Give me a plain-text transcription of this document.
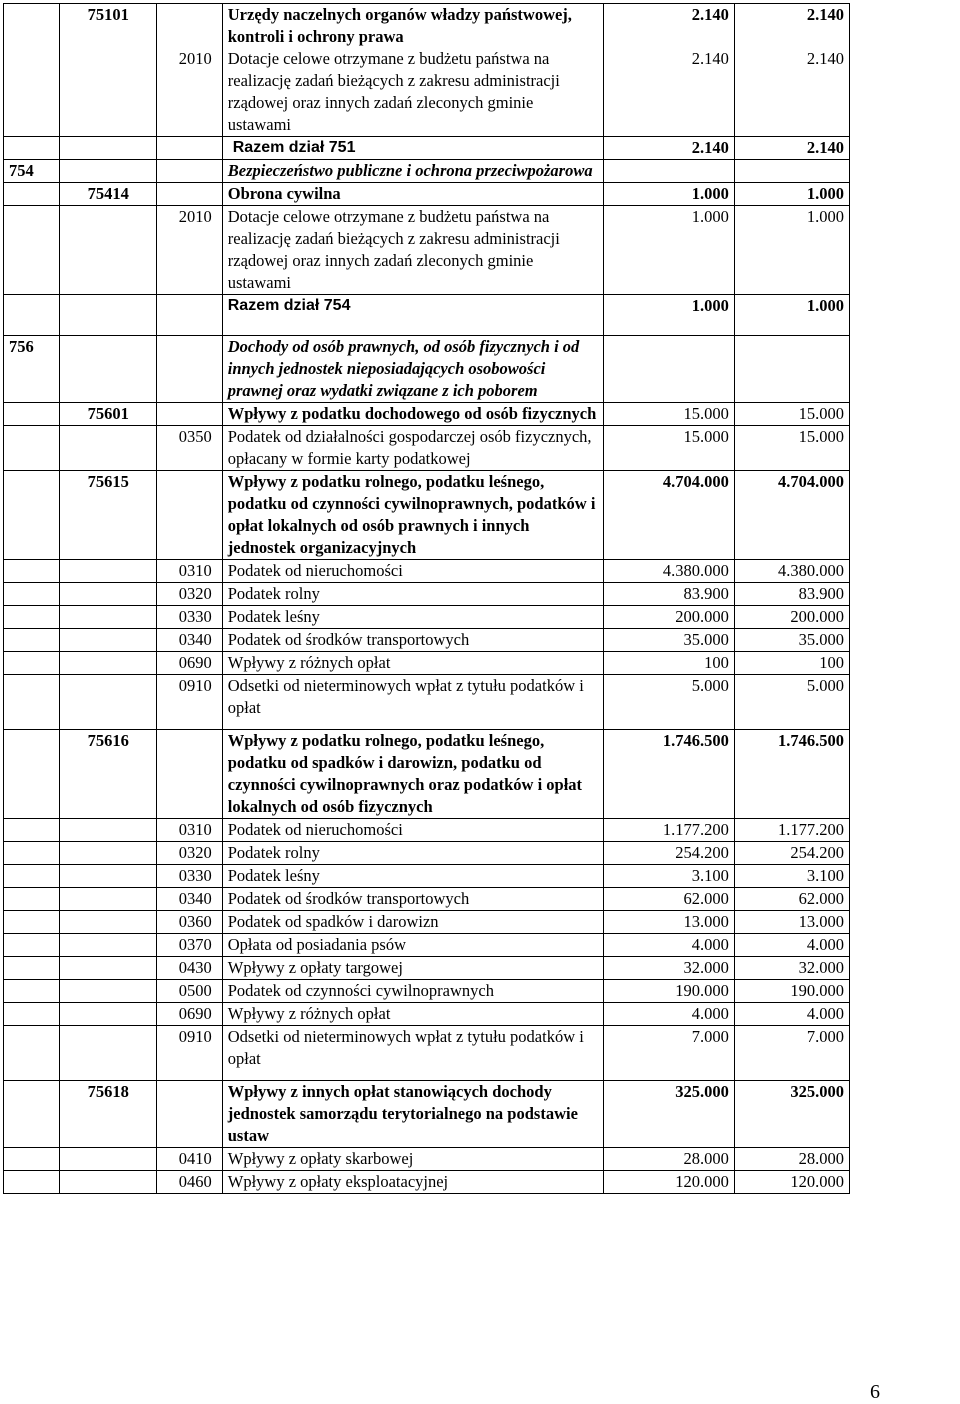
	75101		Urzędy naczelnych organów władzy państwowej, kontroli i ochrony prawa	2.140	2.140
		2010	Dotacje celowe otrzymane z budżetu państwa na realizację zadań bieżących z zakresu administracji rządowej oraz innych zadań zleconych gminie ustawami	2.140	2.140
			Razem dział 751	2.140	2.140
754			Bezpieczeństwo publiczne i ochrona przeciwpożarowa		
	75414		Obrona cywilna	1.000	1.000
		2010	Dotacje celowe otrzymane z budżetu państwa na realizację zadań bieżących z zakresu administracji rządowej oraz innych zadań zleconych gminie ustawami	1.000	1.000
			Razem dział 754	1.000	1.000

756			Dochody od osób prawnych, od osób fizycznych i od innych jednostek nieposiadających osobowości prawnej oraz wydatki związane z ich poborem		
	75601		Wpływy z podatku dochodowego od osób fizycznych	15.000	15.000
		0350	Podatek od działalności gospodarczej osób fizycznych, opłacany w formie karty podatkowej	15.000	15.000
	75615		Wpływy z podatku rolnego, podatku leśnego, podatku od czynności cywilnoprawnych, podatków i opłat lokalnych od osób prawnych i innych jednostek organizacyjnych	4.704.000	4.704.000
		0310	Podatek od nieruchomości	4.380.000	4.380.000
		0320	Podatek rolny	83.900	83.900
		0330	Podatek leśny	200.000	200.000
		0340	Podatek od środków transportowych	35.000	35.000
		0690	Wpływy z różnych opłat	100	100
		0910	Odsetki od nieterminowych wpłat z tytułu podatków i opłat	5.000	5.000

	75616		Wpływy z podatku rolnego, podatku leśnego, podatku od spadków i darowizn, podatku od czynności cywilnoprawnych oraz podatków i opłat lokalnych od osób fizycznych	1.746.500	1.746.500
		0310	Podatek od nieruchomości	1.177.200	1.177.200
		0320	Podatek rolny	254.200	254.200
		0330	Podatek leśny	3.100	3.100
		0340	Podatek od środków transportowych	62.000	62.000
		0360	Podatek od spadków i darowizn	13.000	13.000
		0370	Opłata od posiadania psów	4.000	4.000
		0430	Wpływy z opłaty targowej	32.000	32.000
		0500	Podatek od czynności cywilnoprawnych	190.000	190.000
		0690	Wpływy z różnych opłat	4.000	4.000
		0910	Odsetki od nieterminowych wpłat z tytułu podatków i opłat	7.000	7.000

	75618		Wpływy z innych opłat stanowiących dochody jednostek samorządu terytorialnego na podstawie ustaw	325.000	325.000
		0410	Wpływy z opłaty skarbowej	28.000	28.000
		0460	Wpływy z opłaty eksploatacyjnej	120.000	120.000
6
